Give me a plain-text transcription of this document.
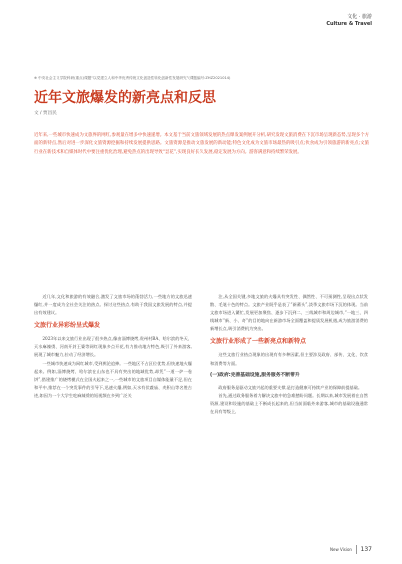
文化 · 旅游
Culture & Travel
※ 中央社会主义学院科研(重点)课题“以党建立人和中华优秀传统文化创造性转化创新性发展研究”(课题编号:ZHZ2021014)
近年文旅爆发的新亮点和反思
文 / 贾昌民
近年来,一些城市快速成为文旅界的网红,参观量在增多中快速递增。本文基于当前文旅领域发展的热点爆发案例展开分析,研究发现文旅消费在下沉市场呈现新态势,呈现多个方面的新特点,然后对进一步深化文旅资源挖掘和持续发展提供思路。文旅资源是推动文旅发展的新动能;特色文化成为文旅市场最热的吸引点;伙食成为引领旅游的新亮点;文旅行业在新技术和自媒体时代中要注重优化治理,避免热点的出现导致“昙花”,实现良好长久发展,稳定发展为方向。游客满意和持续繁荣发展。

近几年,文化和旅游的有效融合,激发了文旅市场的蓬勃活力,一些地方的文旅迅速爆红,并一度成为全社会关注的热点。探讨这些热点,有助于我国文旅发展的特点,并提出有效建议。

文旅行业异彩纷呈式爆发

2023年以来文旅行业出现了很多热点,像由淄博烧烤,贵州村BA、哈尔滨的冬天、天水麻辣烫、河南开封王婆等网红现象多点开花,有力推动地方特色,吸引了外来游客,展现了城市魅力,拉动了经济增长。

一些城市快速成为网红城市,受到舆论追捧。一些地区不占区位优势,但快速地火爆起来。例如,淄博烧烤、哈尔滨在山东也不具有突出的地域优势,却凭“一道一炉一卷饼”,搭建推广的烧烤模式在全国火起来之一,一些城市的文旅项目自媒体能量不足,但在和平中,推荐在一个突发事件的引导下,迅速火爆,例如,天水有伏羲庙、麦积山等名胜古迹,如因为一个大学生吃麻辣烫的短视频在多到广泛关

注,从全国关键,多地文旅的火爆具有突发性、偶然性、不可预测性,呈现出点状发散、毛笔十色的特点。文旅产业既乎是表了“新蓄头”,淡季文旅市场下沉的体现。当前文旅市场进入繁忙,发展更加聚焦、逐步下沉到二、三线城市和周边城市,“一地三、四线城市“新、小、奇”的目的地向在新游市场全面覆盖和提质发展机遇,成为旅游消费的新增长点,吸引消费机为突出。

文旅行业形成了一些新亮点和新特点

这些文旅行业热点现象的出现有有多种因素,但主要涉及政府、部传、文化、饮食和消费等方面。

(一)政府:完善基础设施,服务服务不断带升

政府服务是驱动文旅兴起的重要支撑,是打造健康可持续产业的保障前提基础。

首先,通过政务服务着力解决文旅中的急难愁盼问题。长期以来,城市发展着在自然资源,建设和设施的基础上不断成长起来的,但当前面临外来游客,城市的基础设施通常在具有等级上,

New Vision 137
